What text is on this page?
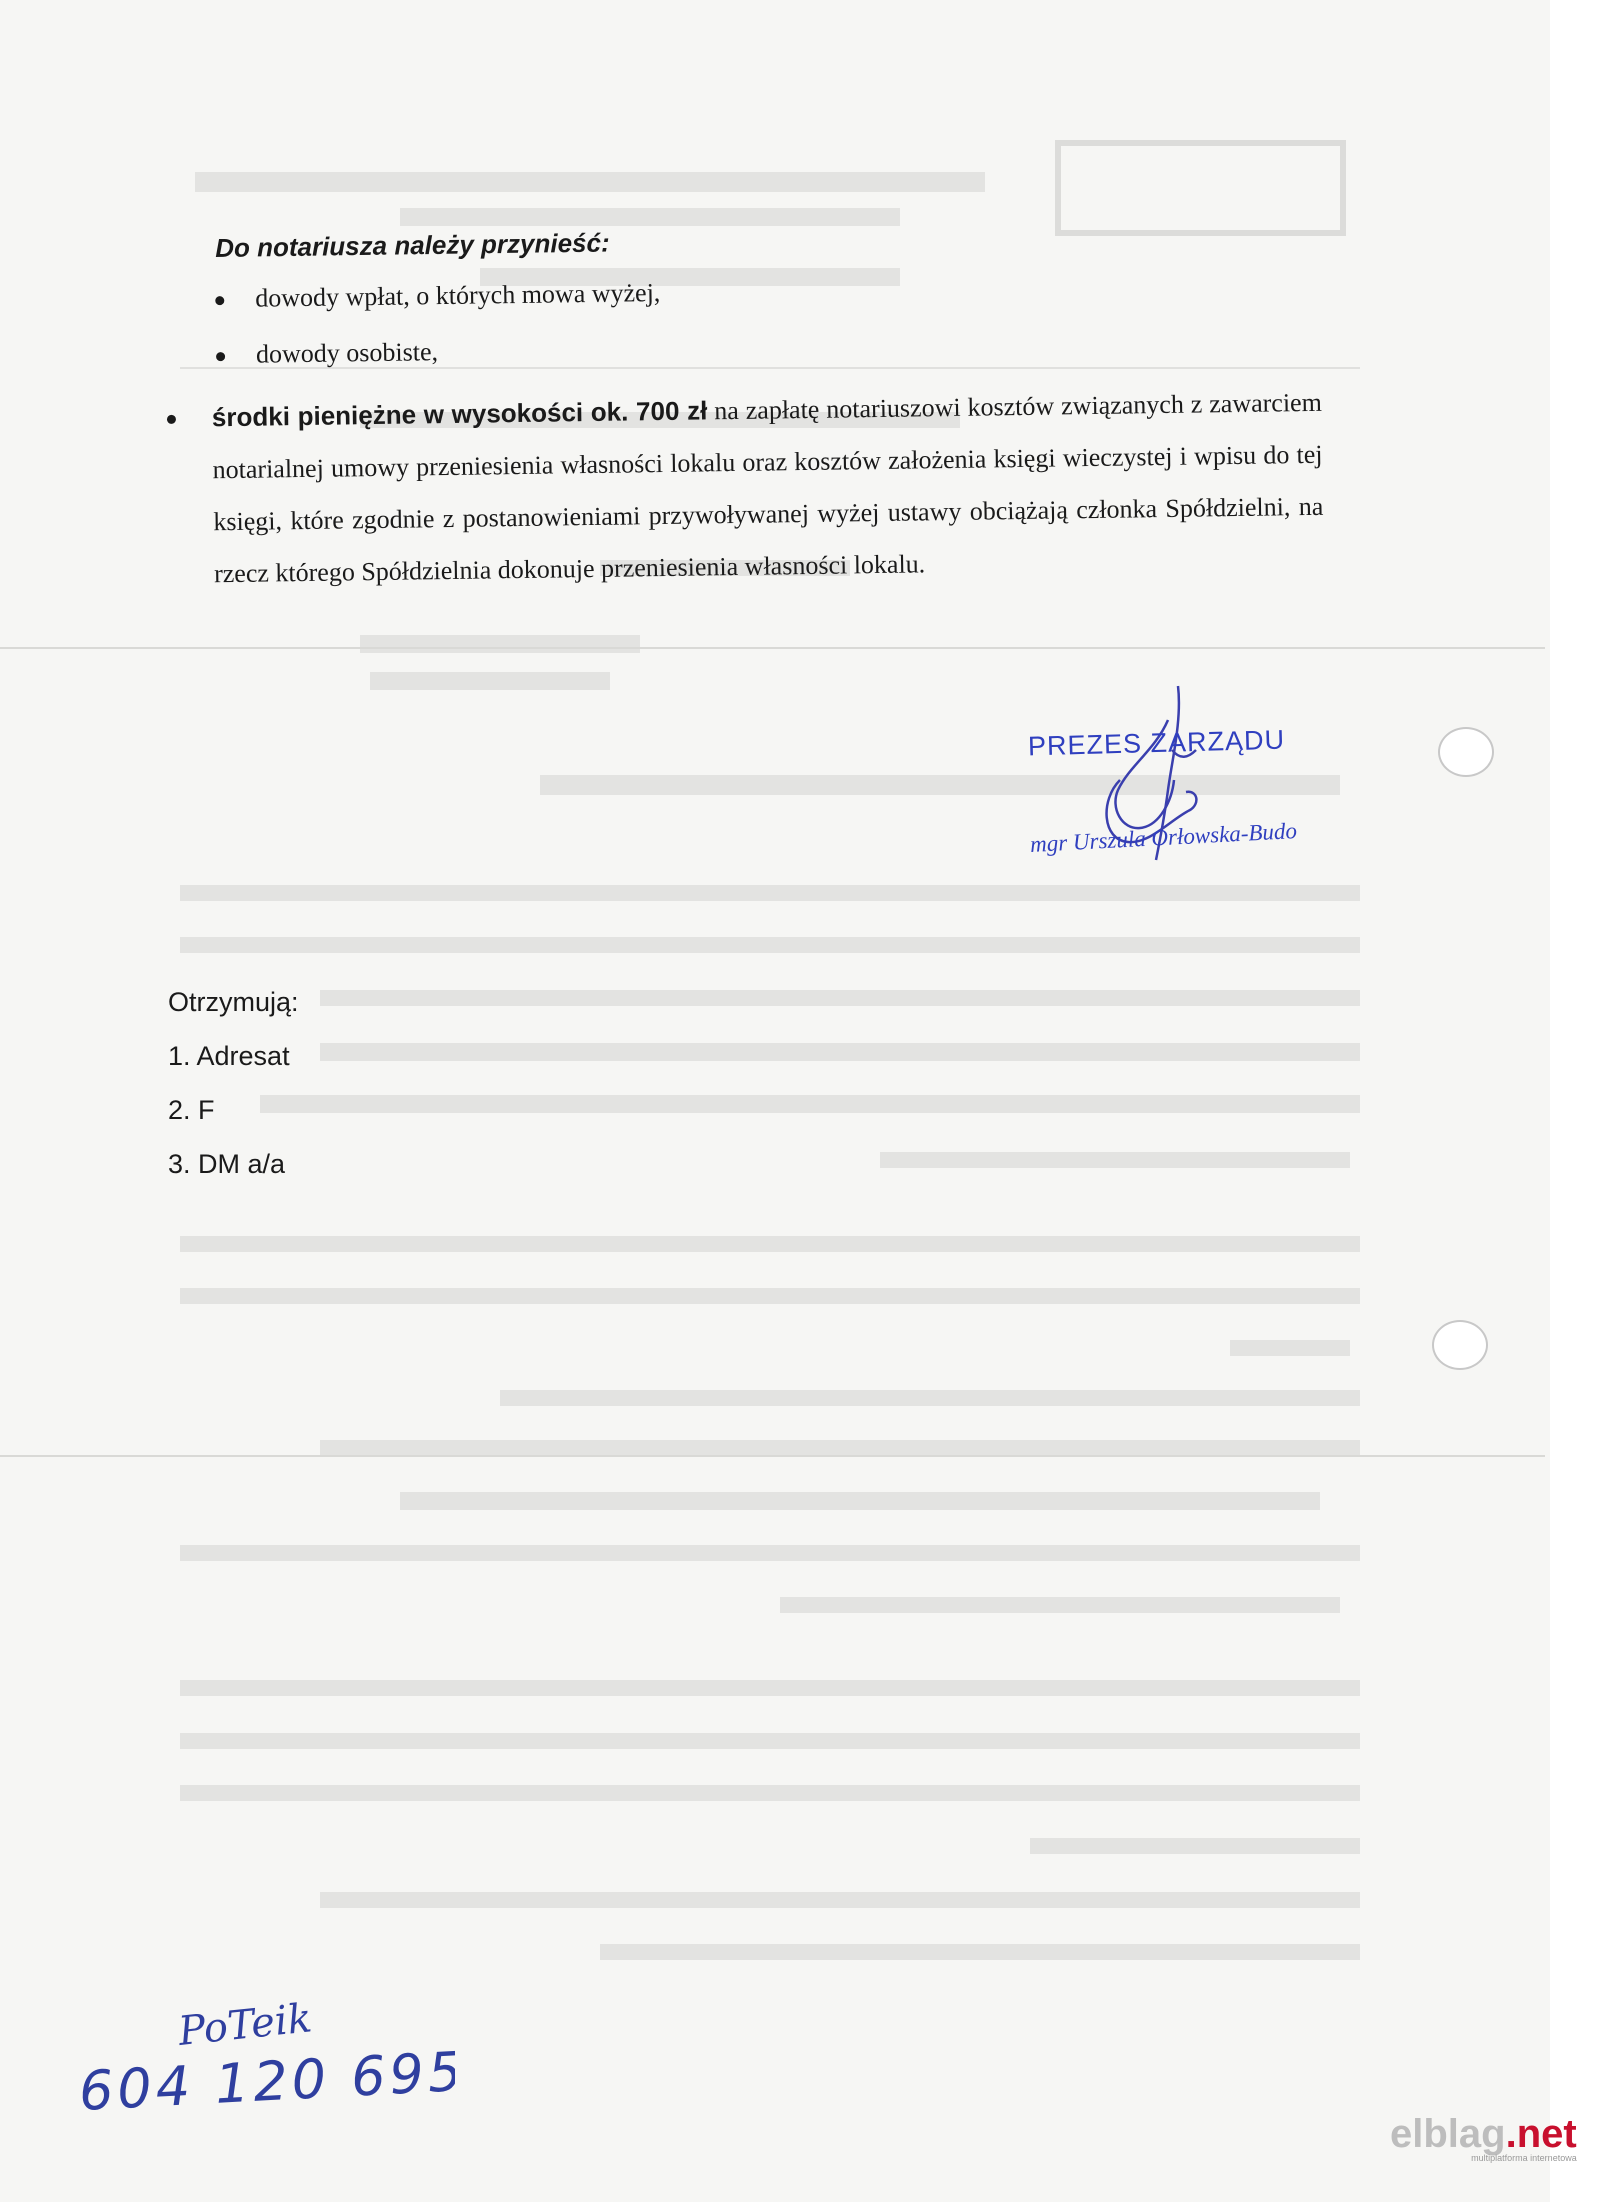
Do notariusza należy przynieść:
dowody wpłat, o których mowa wyżej,
dowody osobiste,
środki pieniężne w wysokości ok. 700 zł na zapłatę notariuszowi kosztów związanych z zawarciem notarialnej umowy przeniesienia własności lokalu oraz kosztów założenia księgi wieczystej i wpisu do tej księgi, które zgodnie z postanowieniami przywoływanej wyżej ustawy obciążają członka Spółdzielni, na rzecz którego Spółdzielnia dokonuje przeniesienia własności lokalu.
PREZES ZARZĄDU
mgr Urszula Orłowska-Budo
Otrzymują:
1. Adresat
2. F
3. DM a/a
PoTeik
604 120 695
elblag.net
multiplatforma internetowa
